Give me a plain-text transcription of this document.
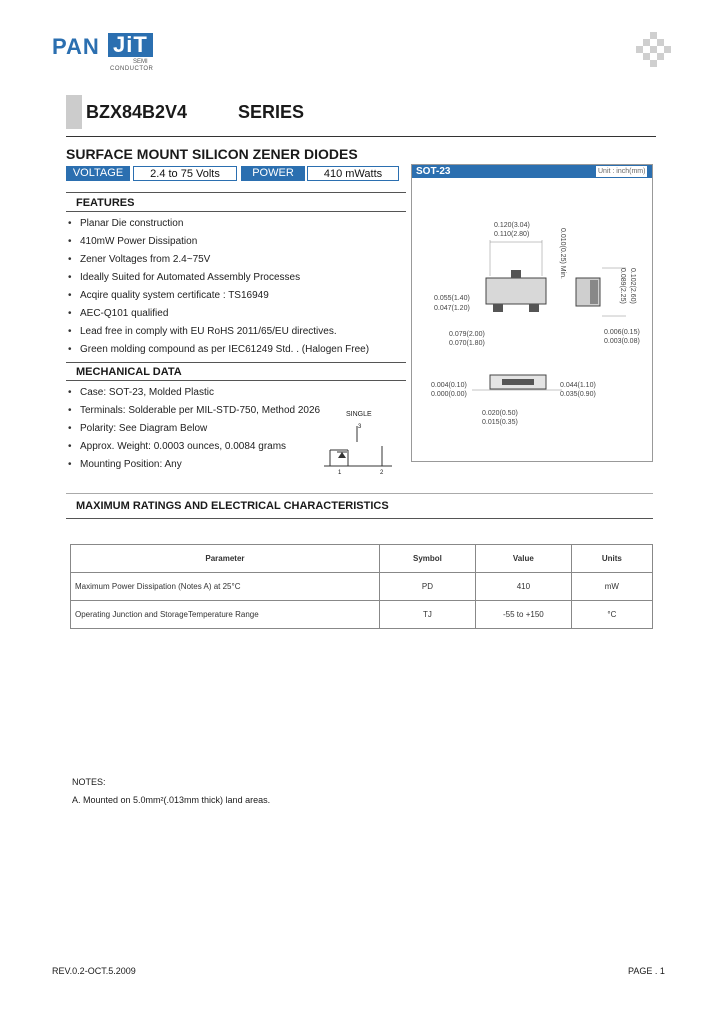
PAN JiT
SEMI
CONDUCTOR
BZX84B2V4	SERIES
SURFACE MOUNT SILICON ZENER DIODES
VOLTAGE	2.4 to 75 Volts	POWER	410 mWatts
FEATURES
• Planar Die construction
• 410mW Power Dissipation
• Zener Voltages from 2.4~75V
• Ideally Suited for Automated Assembly Processes
• Acqire quality system certificate : TS16949
• AEC-Q101 qualified
• Lead free in comply with EU RoHS 2011/65/EU directives.
• Green molding compound as per IEC61249 Std. . (Halogen Free)
MECHANICAL DATA
• Case: SOT-23, Molded Plastic
• Terminals: Solderable per MIL-STD-750, Method 2026
• Polarity: See Diagram Below
• Approx. Weight: 0.0003 ounces, 0.0084 grams
• Mounting Position: Any
SINGLE
3
1	2
SOT-23	Unit : inch(mm)
0.120(3.04)
0.110(2.80)
0.055(1.40)
0.047(1.20)
0.079(2.00)
0.070(1.80)
0.004(0.10)
0.000(0.00)
0.020(0.50)
0.015(0.35)
0.044(1.10)
0.035(0.90)
0.006(0.15)
0.003(0.08)
0.010(0.25) Min.
0.102(2.60)
0.089(2.25)
MAXIMUM RATINGS AND ELECTRICAL CHARACTERISTICS
Parameter	Symbol	Value	Units
Maximum Power Dissipation (Notes A) at 25°C	PD	410	mW
Operating Junction and StorageTemperature Range	TJ	-55 to +150	°C
NOTES:
A. Mounted on 5.0mm²(.013mm thick) land areas.
REV.0.2-OCT.5.2009	PAGE . 1
